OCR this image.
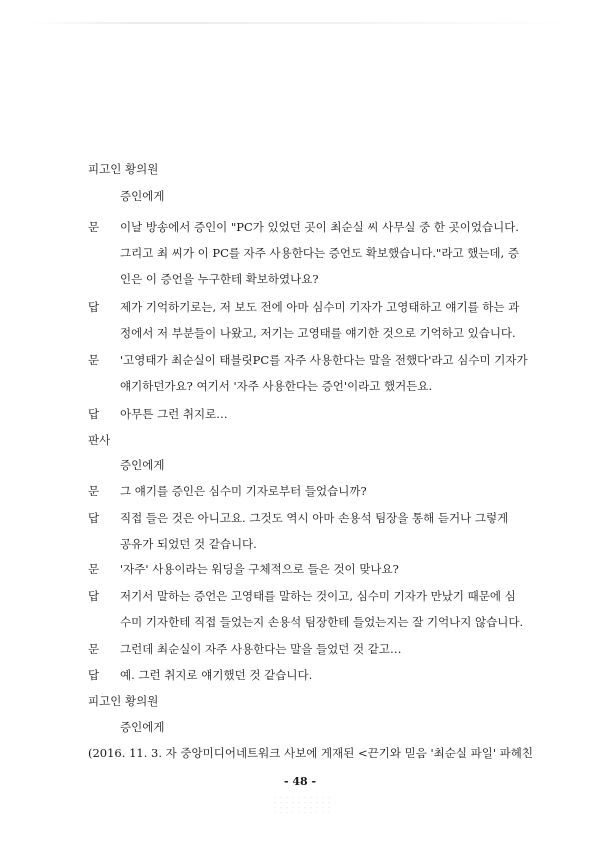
피고인 황의원
증인에게
문 이날 방송에서 증인이 "PC가 있었던 곳이 최순실 씨 사무실 중 한 곳이었습니다.
그리고 최 씨가 이 PC를 자주 사용한다는 증언도 확보했습니다."라고 했는데, 증
인은 이 증언을 누구한테 확보하였나요?
답 제가 기억하기로는, 저 보도 전에 아마 심수미 기자가 고영태하고 얘기를 하는 과
정에서 저 부분들이 나왔고, 저기는 고영태를 얘기한 것으로 기억하고 있습니다.
문 '고영태가 최순실이 태블릿PC를 자주 사용한다는 말을 전했다'라고 심수미 기자가
얘기하던가요? 여기서 '자주 사용한다는 증언'이라고 했거든요.
답 아무튼 그런 취지로…
판사
증인에게
문 그 얘기를 증인은 심수미 기자로부터 들었습니까?
답 직접 들은 것은 아니고요. 그것도 역시 아마 손용석 팀장을 통해 듣거나 그렇게
공유가 되었던 것 같습니다.
문 '자주' 사용이라는 워딩을 구체적으로 들은 것이 맞나요?
답 저기서 말하는 증언은 고영태를 말하는 것이고, 심수미 기자가 만났기 때문에 심
수미 기자한테 직접 들었는지 손용석 팀장한테 들었는지는 잘 기억나지 않습니다.
문 그런데 최순실이 자주 사용한다는 말을 들었던 것 같고…
답 예. 그런 취지로 얘기했던 것 같습니다.
피고인 황의원
증인에게
(2016. 11. 3. 자 중앙미디어네트워크 사보에 게재된 <끈기와 믿음 '최순실 파일' 파헤친
- 48 -
